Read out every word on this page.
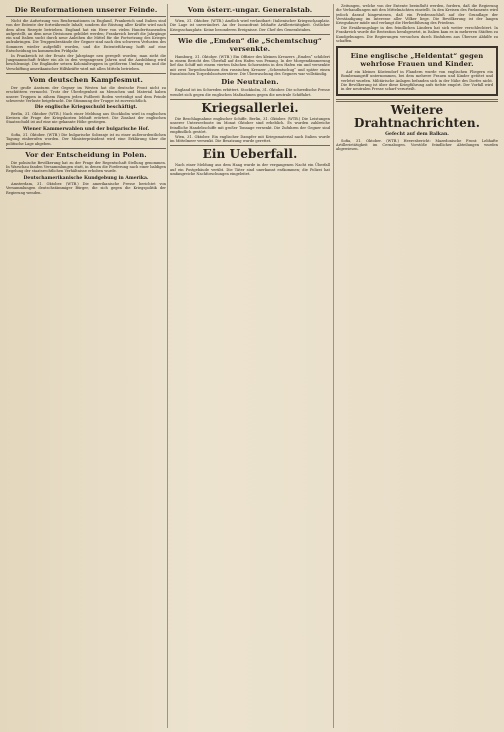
Die Reuformationen unserer Feinde.
Nicht die Aufsetzung von Reuformationen in England, Frankreich und Italien sind von der Entente der fortwährende Inhalt; sondern die Rüstung aller Kräfte wird nach dem alten Rezepte betrieben. England hat ein Heer von vielen Hunderttausenden aufgestellt, an dem neue Divisionen gebildet werden; Frankreich beruft die Jahrgänge ein und Italien sucht durch neue Anleihen die Mittel für die Fortsetzung des Krieges aufzubringen. Die Truppenbestände der Gegner sind nach den schweren Verlusten des Sommers wieder aufgefüllt worden, und die Ententeführung hofft auf eine Entscheidung im kommenden Frühjahr.
In Frankreich ist der Ersatz der Jahrgänge neu geregelt worden; man zieht die Jungmannschaft früher ein als in den vergangenen Jahren und die Ausbildung wird beschleunigt. Die Engländer setzen Kolonialtruppen in größerem Umfang ein und die Verschiffung amerikanischer Hilfskräfte wird mit allen Mitteln betrieben.
Vom deutschen Kampfesmut.
Der große Ansturm der Gegner im Westen hat die deutsche Front nicht zu erschüttern vermocht. Trotz der Überlegenheit an Menschen und Material haben unsere Truppen in zähem Ringen jeden Fußbreit Boden verteidigt und dem Feinde schwerste Verluste beigebracht. Die Stimmung der Truppe ist zuversichtlich.
Die englische Kriegsschuld beschäftigt.
Berlin, 31. Oktober (WTB.) Nach einer Meldung aus Stockholm wird in englischen Kreisen die Frage der Kriegskosten lebhaft erörtert. Die Zinslast der englischen Staatsschuld ist auf eine nie gekannte Höhe gestiegen.
Wiener Kammerwahlen und der bulgarische Hof.
Sofia, 31. Oktober. (WTB.) Die bulgarische Sobranje ist zu einer außerordentlichen Tagung einberufen worden. Der Ministerpräsident wird eine Erklärung über die politische Lage abgeben.
Vor der Entscheidung in Polen.
Die polnische Bevölkerung hat zu der Frage der Regentschaft Stellung genommen. In Warschau fanden Versammlungen statt, in denen die Forderung nach einer baldigen Regelung der staatsrechtlichen Verhältnisse erhoben wurde.
Deutschamerikanische Kundgebung in Amerika.
Amsterdam, 31. Oktober. (WTB.) Die amerikanische Presse berichtet von Versammlungen deutschstämmiger Bürger, die sich gegen die Kriegspolitik der Regierung wenden.
Vom österr.-ungar. Generalstab.
Wien, 31. Oktober. (WTB.) Amtlich wird verlautbart: Italienischer Kriegsschauplatz. Die Lage ist unverändert. An der Isonzofront lebhafte Artillerietätigkeit. Östlicher Kriegsschauplatz: Keine besonderen Ereignisse. Der Chef des Generalstabes.
Wie die „Emden“ die „Schemtschug“ versenkte.
Hamburg, 31. Oktober. (WTB.) Ein Offizier des kleinen Kreuzers „Emden“ schildert in einem Bericht den Überfall auf den Hafen von Penang. In der Morgendämmerung lief das Schiff mit einem vierten falschen Schornstein in den Hafen ein und versenkte mit zwei Torpedoschüssen den russischen Kreuzer „Schemtschug“ und später einen französischen Torpedobootszerstörer. Die Überraschung des Gegners war vollständig.
Die Neutralen.
England ist im Schweden erbittert. Stockholm, 31. Oktober. Die schwedische Presse wendet sich gegen die englischen Maßnahmen gegen die neutrale Schiffahrt.
Kriegsallerlei.
Die Beschlagnahme englischer Schiffe. Berlin, 31. Oktober. (WTB.) Die Leistungen unserer Unterseeboote im Monat Oktober sind erheblich. Es wurden zahlreiche feindliche Handelsschiffe mit großer Tonnage versenkt. Die Zufuhren der Gegner sind empfindlich gestört.
Wien, 31. Oktober. Ein englischer Dampfer mit Kriegsmaterial nach Italien wurde im Mittelmeer versenkt. Die Besatzung wurde gerettet.
Ein Ueberfall.
Nach einer Meldung aus dem Haag wurde in der vergangenen Nacht ein Überfall auf ein Postgebäude verübt. Die Täter sind unerkannt entkommen; die Polizei hat umfangreiche Nachforschungen eingeleitet.
Zeitungen, welche von der Entente beeinflußt werden, fordern, daß die Regierung die Verhandlungen mit den Mittelmächten einstellt. In den Kreisen des Parlaments wird jedoch darauf hingewiesen, daß ein Friedensschluß auf der Grundlage der Verständigung im Interesse aller Völker liege. Die Bevölkerung ist der langen Kriegsdauer müde und verlangt die Herbeiführung des Friedens.
Die Ernährungslage in den feindlichen Ländern hat sich weiter verschlechtert. In Frankreich wurde die Brotration herabgesetzt, in Italien kam es in mehreren Städten zu Kundgebungen. Die Regierungen versuchen durch Einfuhren aus Übersee Abhilfe zu schaffen.
Eine englische „Heldentat“ gegen wehrlose Frauen und Kinder.
Auf ein kleines Küstendorf in Flandern wurde von englischen Fliegern ein Bombenangriff unternommen, bei dem mehrere Frauen und Kinder getötet und verletzt wurden. Militärische Anlagen befanden sich in der Nähe des Dorfes nicht. Die Bevölkerung ist über diese Kriegführung aufs tiefste empört. Der Vorfall wird in der neutralen Presse scharf verurteilt.
Weitere Drahtnachrichten.
Gefecht auf dem Balkan.
Sofia, 31. Oktober. (WTB.) Heeresbericht: Mazedonische Front: Lebhafte Artillerietätigkeit im Cernabogen. Vorstöße feindlicher Abteilungen wurden abgewiesen.
